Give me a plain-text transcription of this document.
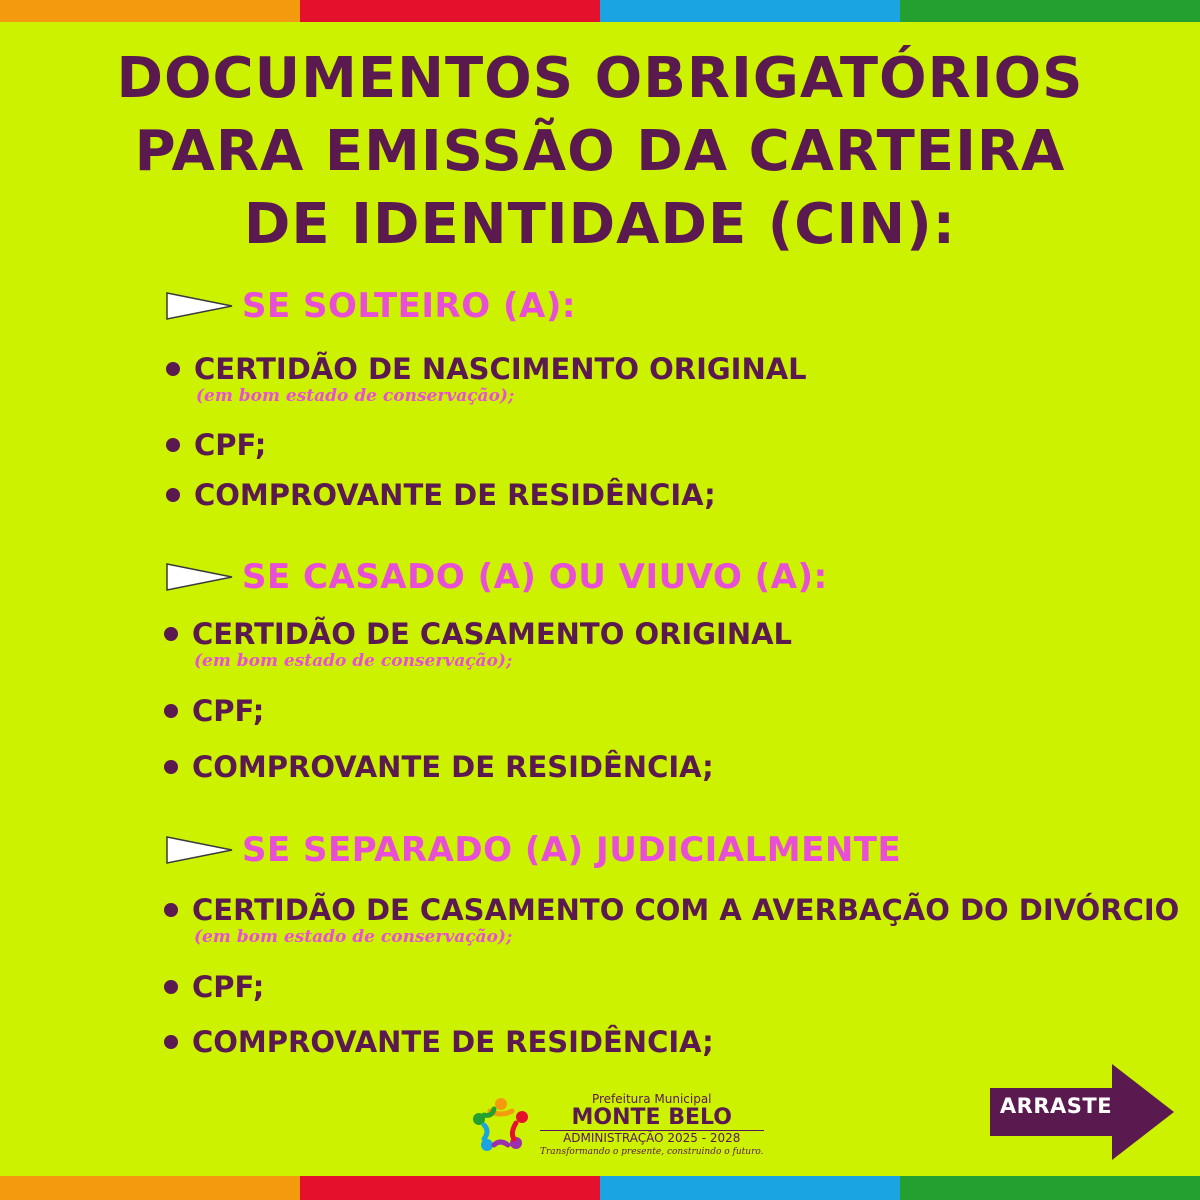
DOCUMENTOS OBRIGATÓRIOS
PARA EMISSÃO DA CARTEIRA
DE IDENTIDADE (CIN):
SE SOLTEIRO (A):
CERTIDÃO DE NASCIMENTO ORIGINAL
(em bom estado de conservação);
CPF;
COMPROVANTE DE RESIDÊNCIA;
SE CASADO (A) OU VIUVO (A):
CERTIDÃO DE CASAMENTO ORIGINAL
(em bom estado de conservação);
CPF;
COMPROVANTE DE RESIDÊNCIA;
SE SEPARADO (A) JUDICIALMENTE
CERTIDÃO DE CASAMENTO COM A AVERBAÇÃO DO DIVÓRCIO
(em bom estado de conservação);
CPF;
COMPROVANTE DE RESIDÊNCIA;
Prefeitura Municipal
MONTE BELO
ADMINISTRAÇÃO 2025 - 2028
Transformando o presente, construindo o futuro.
ARRASTE
